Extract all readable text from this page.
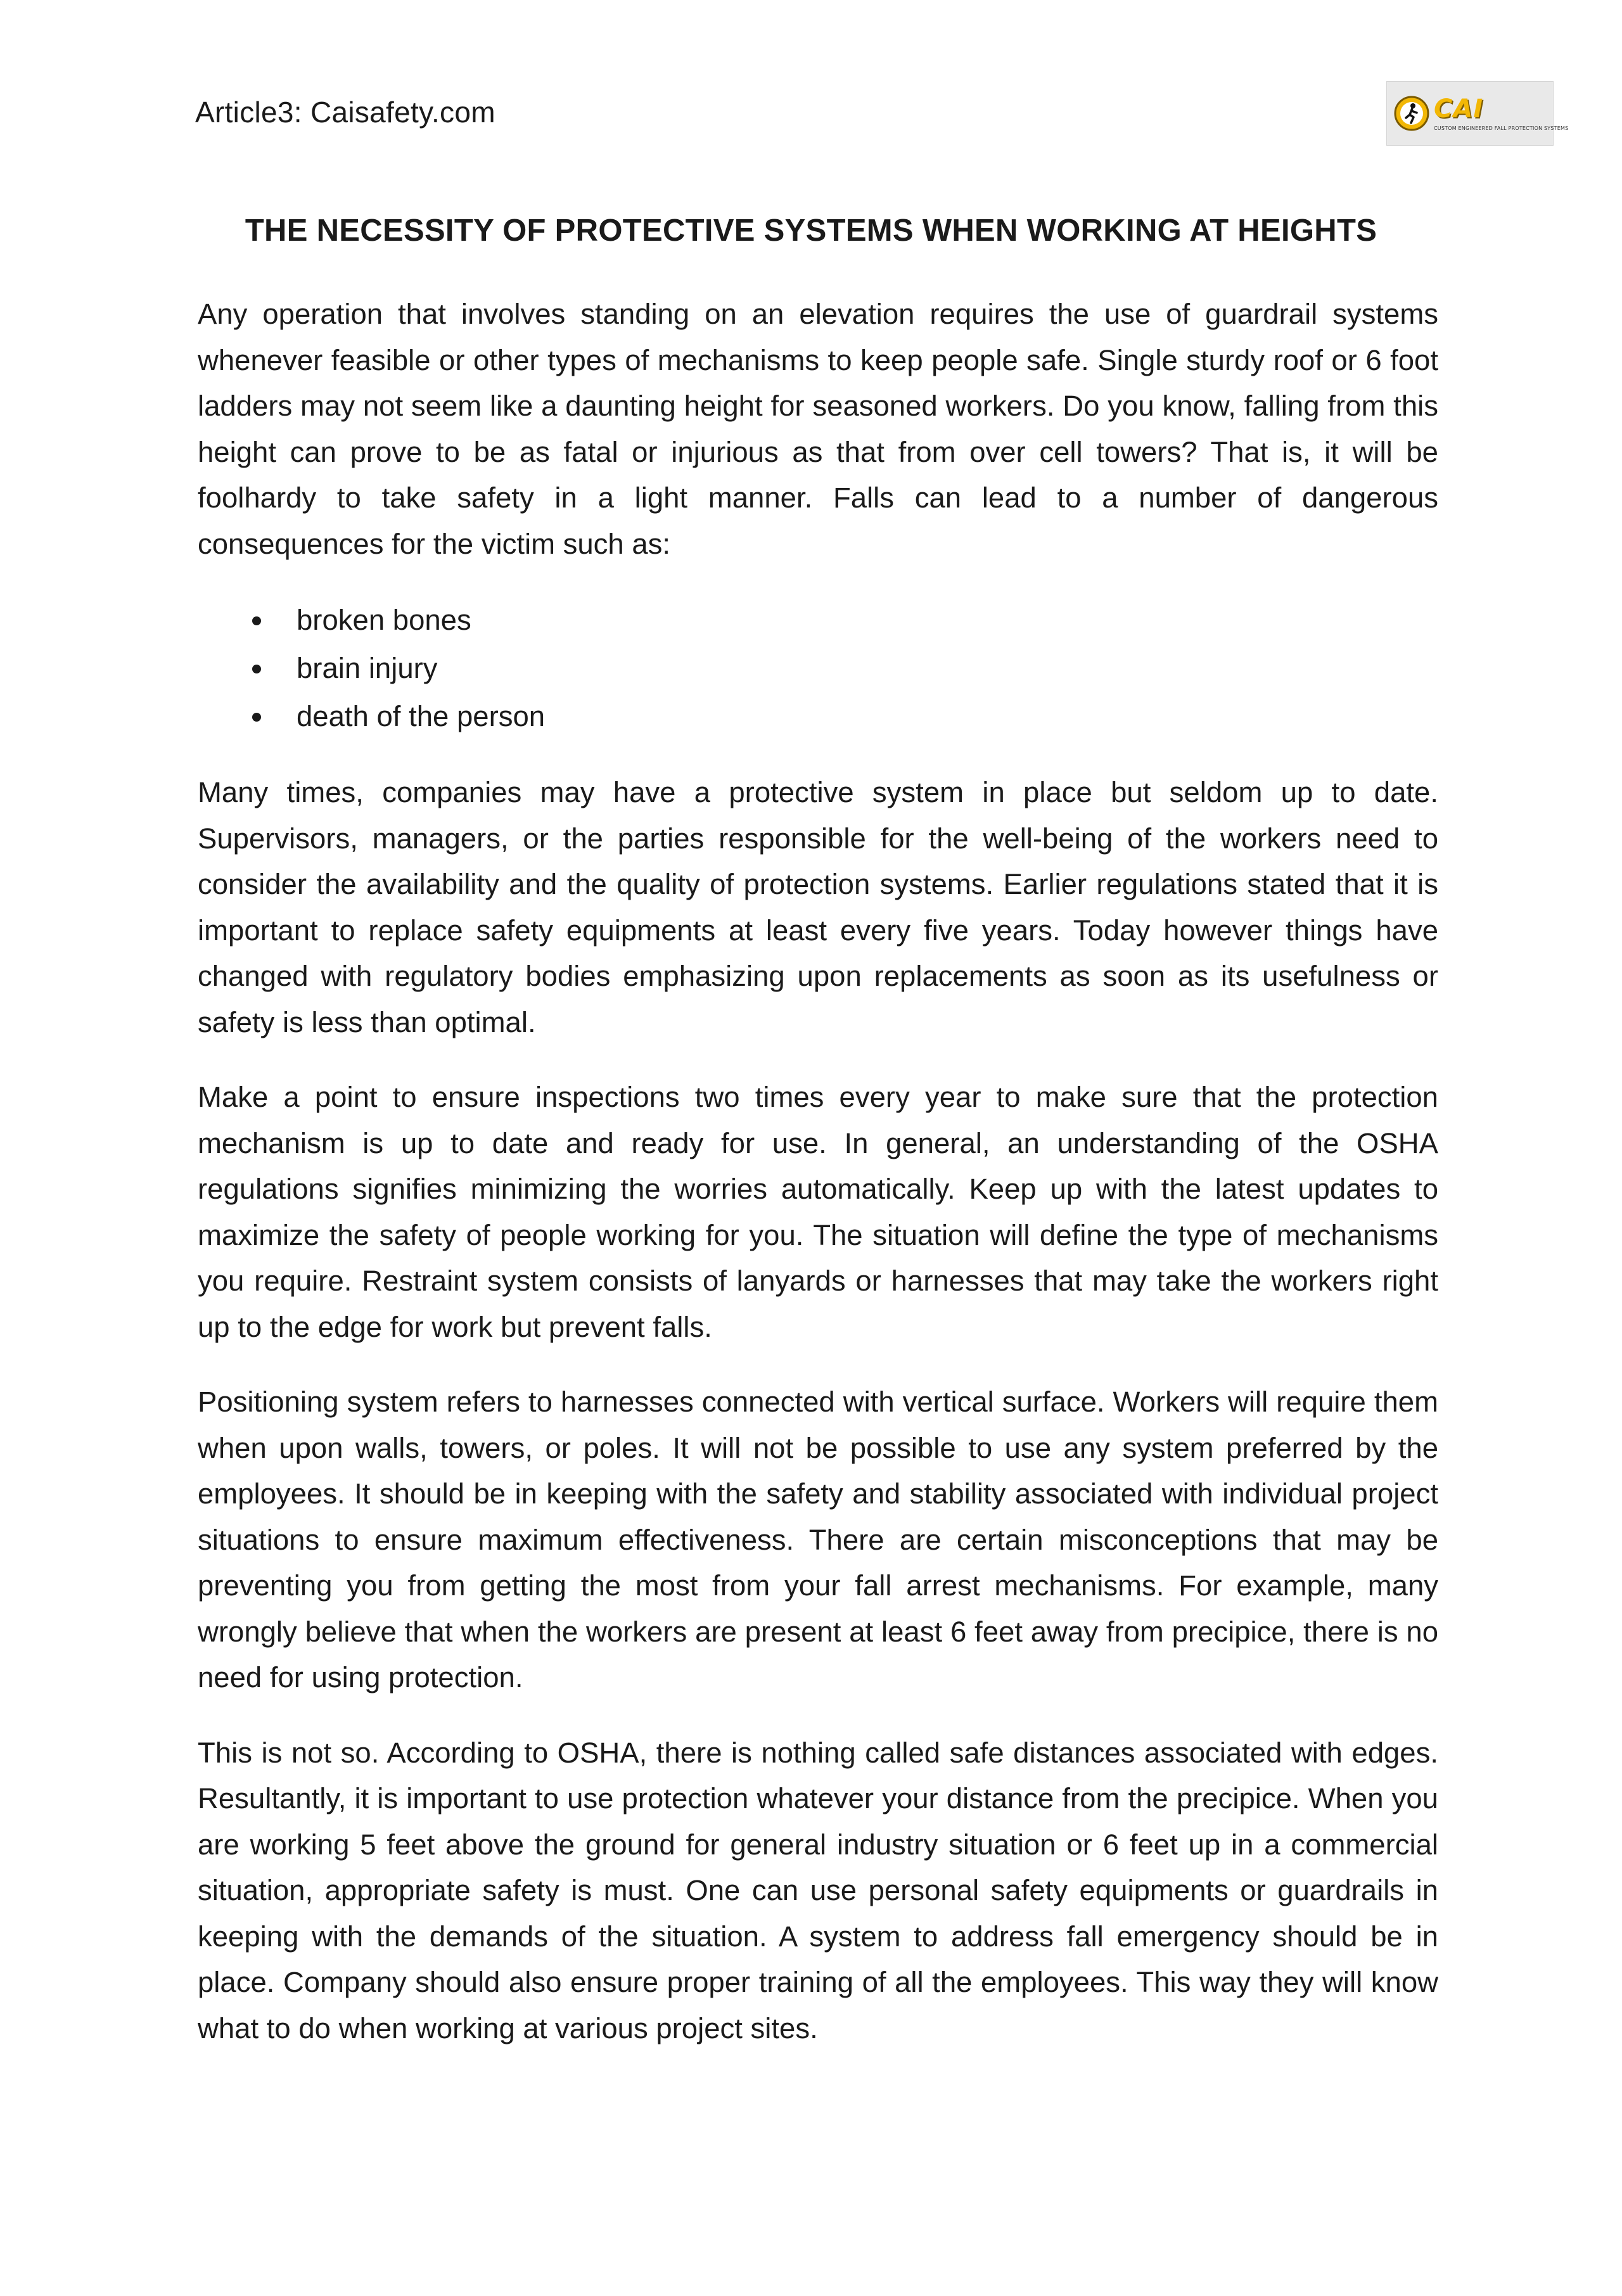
Article3: Caisafety.com	CAI
CUSTOM ENGINEERED FALL PROTECTION SYSTEMS
THE NECESSITY OF PROTECTIVE SYSTEMS WHEN WORKING AT HEIGHTS

Any operation that involves standing on an elevation requires the use of guardrail systems whenever feasible or other types of mechanisms to keep people safe. Single sturdy roof or 6 foot ladders may not seem like a daunting height for seasoned workers. Do you know, falling from this height can prove to be as fatal or injurious as that from over cell towers? That is, it will be foolhardy to take safety in a light manner. Falls can lead to a number of dangerous consequences for the victim such as:

broken bones
brain injury
death of the person

Many times, companies may have a protective system in place but seldom up to date. Supervisors, managers, or the parties responsible for the well-being of the workers need to consider the availability and the quality of protection systems. Earlier regulations stated that it is important to replace safety equipments at least every five years. Today however things have changed with regulatory bodies emphasizing upon replacements as soon as its usefulness or safety is less than optimal.

Make a point to ensure inspections two times every year to make sure that the protection mechanism is up to date and ready for use. In general, an understanding of the OSHA regulations signifies minimizing the worries automatically. Keep up with the latest updates to maximize the safety of people working for you. The situation will define the type of mechanisms you require. Restraint system consists of lanyards or harnesses that may take the workers right up to the edge for work but prevent falls.

Positioning system refers to harnesses connected with vertical surface. Workers will require them when upon walls, towers, or poles. It will not be possible to use any system preferred by the employees. It should be in keeping with the safety and stability associated with individual project situations to ensure maximum effectiveness. There are certain misconceptions that may be preventing you from getting the most from your fall arrest mechanisms. For example, many wrongly believe that when the workers are present at least 6 feet away from precipice, there is no need for using protection.

This is not so. According to OSHA, there is nothing called safe distances associated with edges. Resultantly, it is important to use protection whatever your distance from the precipice. When you are working 5 feet above the ground for general industry situation or 6 feet up in a commercial situation, appropriate safety is must. One can use personal safety equipments or guardrails in keeping with the demands of the situation. A system to address fall emergency should be in place. Company should also ensure proper training of all the employees. This way they will know what to do when working at various project sites.
